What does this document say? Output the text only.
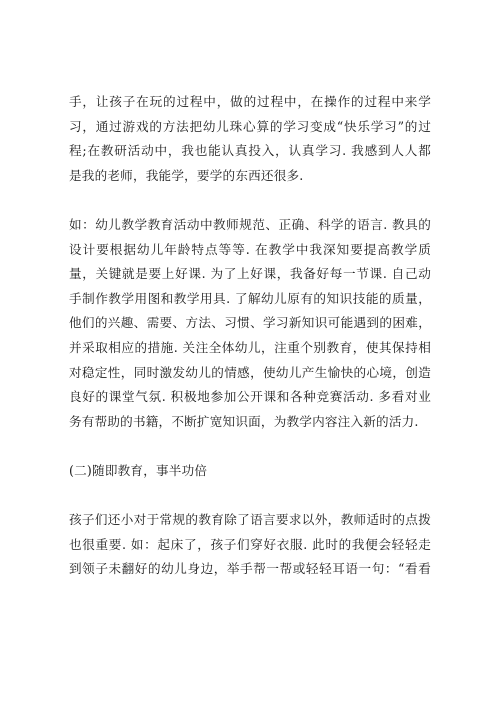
手，让孩子在玩的过程中，做的过程中，在操作的过程中来学
习，通过游戏的方法把幼儿珠心算的学习变成“快乐学习”的过
程;在教研活动中，我也能认真投入，认真学习. 我感到人人都
是我的老师，我能学，要学的东西还很多.

如：幼儿教学教育活动中教师规范、正确、科学的语言. 教具的
设计要根据幼儿年龄特点等等. 在教学中我深知要提高教学质
量，关键就是要上好课. 为了上好课，我备好每一节课. 自己动
手制作教学用图和教学用具. 了解幼儿原有的知识技能的质量，
他们的兴趣、需要、方法、习惯、学习新知识可能遇到的困难，
并采取相应的措施. 关注全体幼儿，注重个别教育，使其保持相
对稳定性，同时激发幼儿的情感，使幼儿产生愉快的心境，创造
良好的课堂气氛. 积极地参加公开课和各种竞赛活动. 多看对业
务有帮助的书籍，不断扩宽知识面，为教学内容注入新的活力.

(二)随即教育，事半功倍

孩子们还小对于常规的教育除了语言要求以外，教师适时的点拨
也很重要. 如：起床了，孩子们穿好衣服. 此时的我便会轻轻走
到领子未翻好的幼儿身边，举手帮一帮或轻轻耳语一句：“看看
